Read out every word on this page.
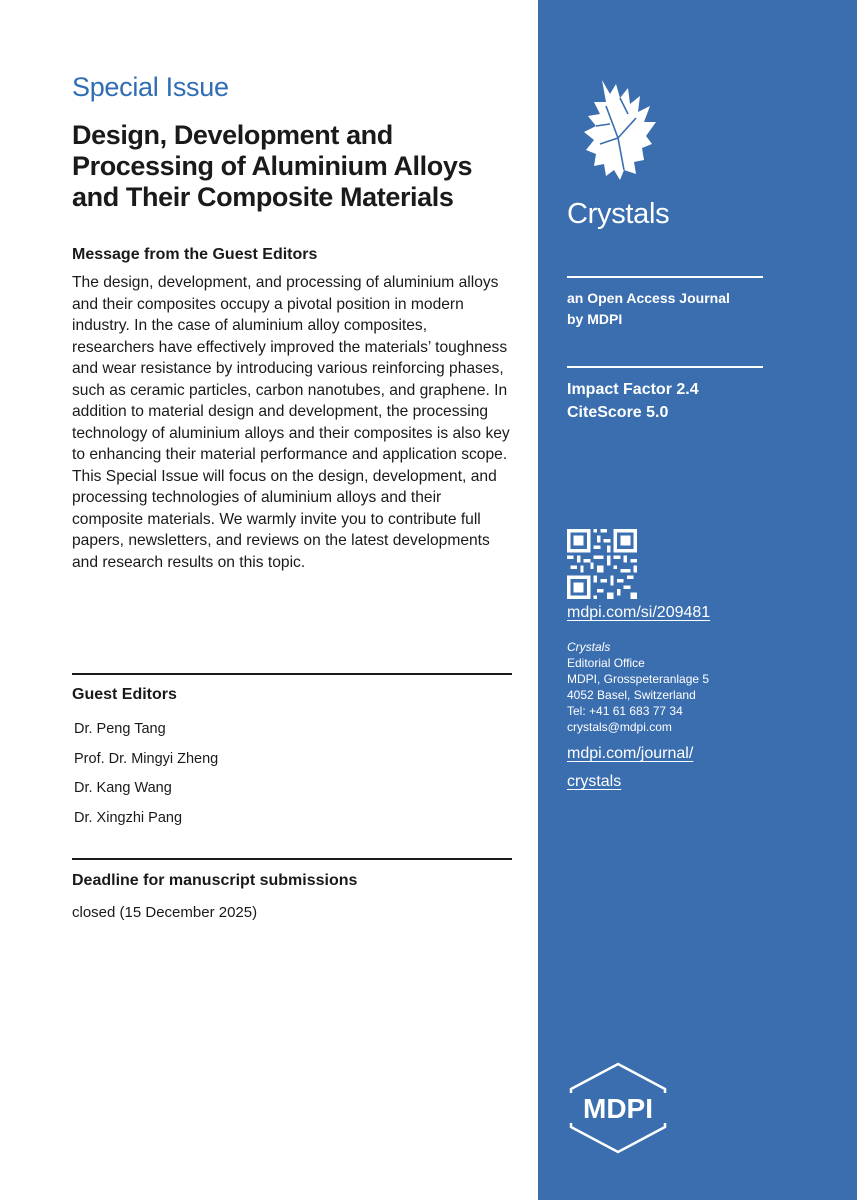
Special Issue
Design, Development and
Processing of Aluminium Alloys
and Their Composite Materials
Message from the Guest Editors

The design, development, and processing of aluminium alloys and their composites occupy a pivotal position in modern industry. In the case of aluminium alloy composites, researchers have effectively improved the materials’ toughness and wear resistance by introducing various reinforcing phases, such as ceramic particles, carbon nanotubes, and graphene. In addition to material design and development, the processing technology of aluminium alloys and their composites is also key to enhancing their material performance and application scope.

This Special Issue will focus on the design, development, and processing technologies of aluminium alloys and their composite materials. We warmly invite you to contribute full papers, newsletters, and reviews on the latest developments and research results on this topic.

Guest Editors
Dr. Peng Tang
Prof. Dr. Mingyi Zheng
Dr. Kang Wang
Dr. Xingzhi Pang
Deadline for manuscript submissions
closed (15 December 2025)
Crystals
an Open Access Journal
by MDPI
Impact Factor 2.4
CiteScore 5.0
mdpi.com/si/209481
Crystals
Editorial Office
MDPI, Grosspeteranlage 5
4052 Basel, Switzerland
Tel: +41 61 683 77 34
crystals@mdpi.com
mdpi.com/journal/
crystals
MDPI
